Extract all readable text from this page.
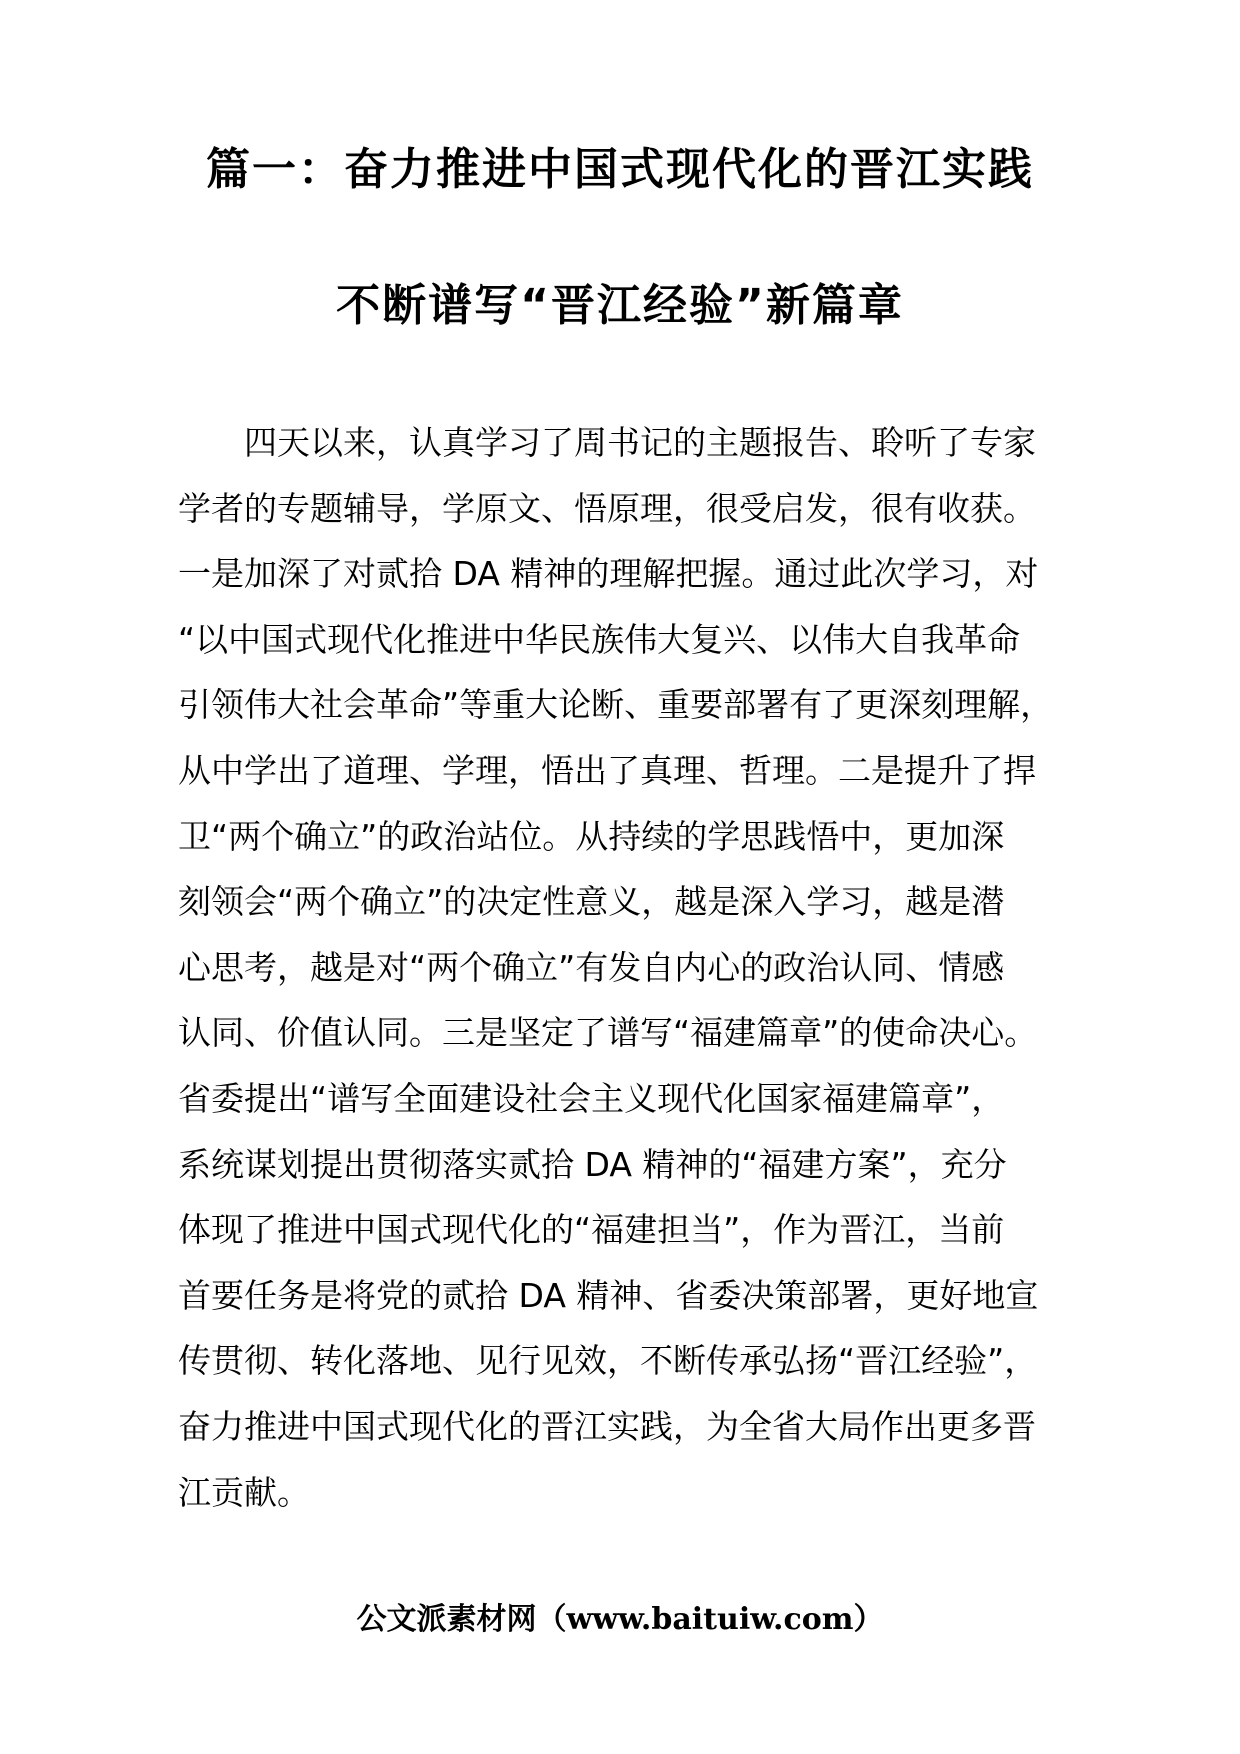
篇一：奋力推进中国式现代化的晋江实践
不断谱写“晋江经验”新篇章
四天以来，认真学习了周书记的主题报告、聆听了专家
学者的专题辅导，学原文、悟原理，很受启发，很有收获。
一是加深了对贰拾 DA 精神的理解把握。通过此次学习，对
“以中国式现代化推进中华民族伟大复兴、以伟大自我革命
引领伟大社会革命”等重大论断、重要部署有了更深刻理解，
从中学出了道理、学理，悟出了真理、哲理。二是提升了捍
卫“两个确立”的政治站位。从持续的学思践悟中，更加深
刻领会“两个确立”的决定性意义，越是深入学习，越是潜
心思考，越是对“两个确立”有发自内心的政治认同、情感
认同、价值认同。三是坚定了谱写“福建篇章”的使命决心。
省委提出“谱写全面建设社会主义现代化国家福建篇章”，
系统谋划提出贯彻落实贰拾 DA 精神的“福建方案”，充分
体现了推进中国式现代化的“福建担当”，作为晋江，当前
首要任务是将党的贰拾 DA 精神、省委决策部署，更好地宣
传贯彻、转化落地、见行见效，不断传承弘扬“晋江经验”，
奋力推进中国式现代化的晋江实践，为全省大局作出更多晋
江贡献。
公文派素材网（www.baituiw.com）
